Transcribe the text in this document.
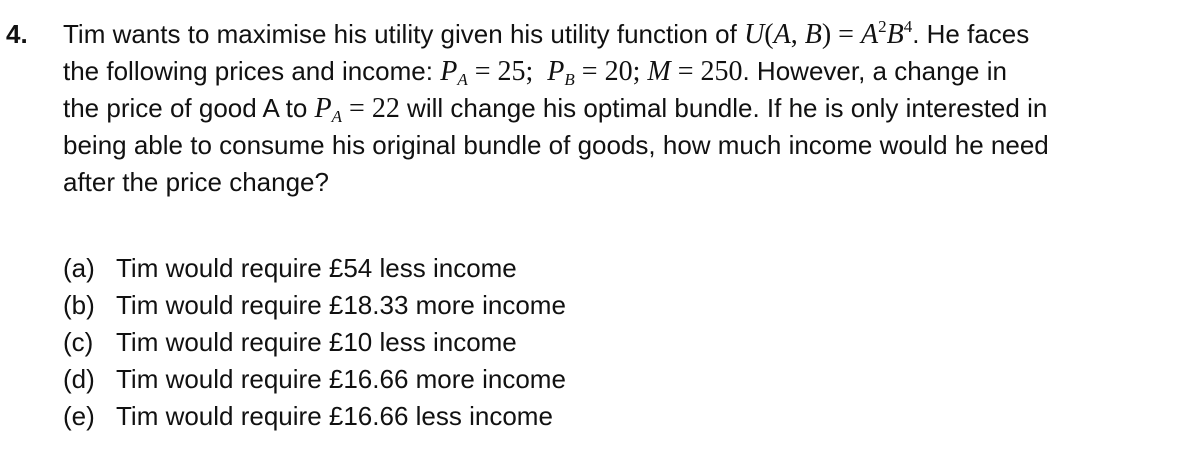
4. Tim wants to maximise his utility given his utility function of U(A, $B) = A^2B^4$. He faces
the following prices and income: $P_A = 25$;  $P_B = 20$; M = 250. However, a change in
the price of good A to $P_A = 22$ will change his optimal bundle. If he is only interested in
being able to consume his original bundle of goods, how much income would he need
after the price change?
(a) Tim would require £54 less income
(b) Tim would require £18.33 more income
(c) Tim would require £10 less income
(d) Tim would require £16.66 more income
(e) Tim would require £16.66 less income
